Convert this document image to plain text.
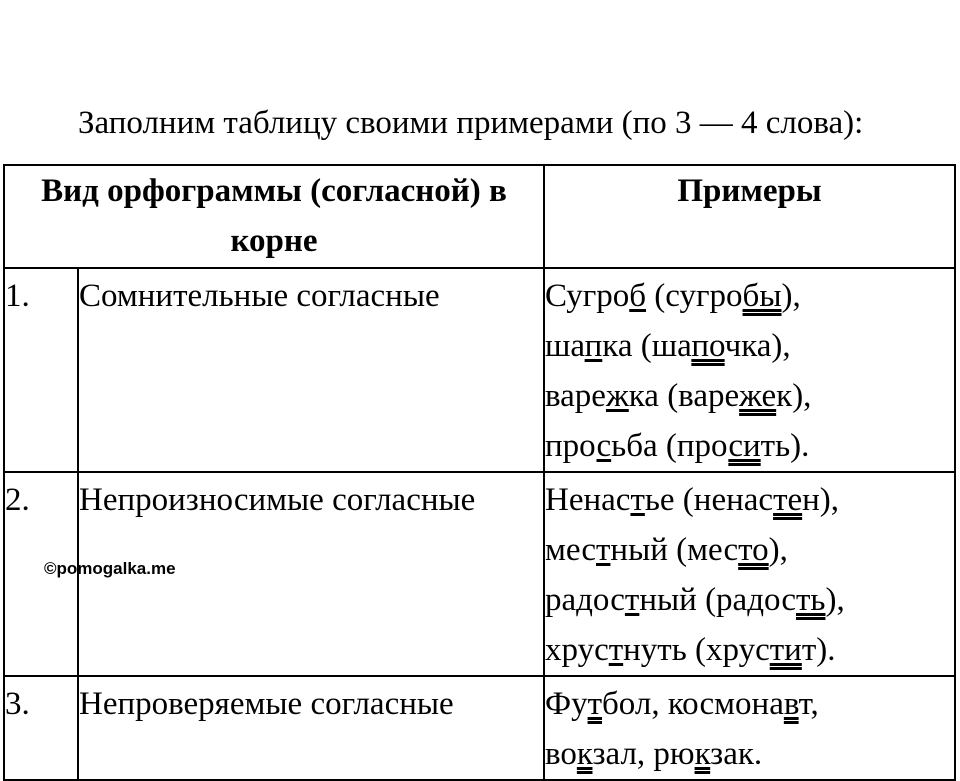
Заполним таблицу своими примерами (по 3 — 4 слова):

Вид орфограммы (согласной) в корне		Примеры
1.	Сомнительные согласные	Сугроб (сугробы),
шапка (шапочка),
варежка (варежек),
просьба (просить).

2.	Непроизносимые согласные	Ненастье (ненастен),
местный (место),
радостный (радость),
хрустнуть (хрустит).

3.	Непроверяемые согласные	Футбол, космонавт,
вокзал, рюкзак.
©pomogalka.me
